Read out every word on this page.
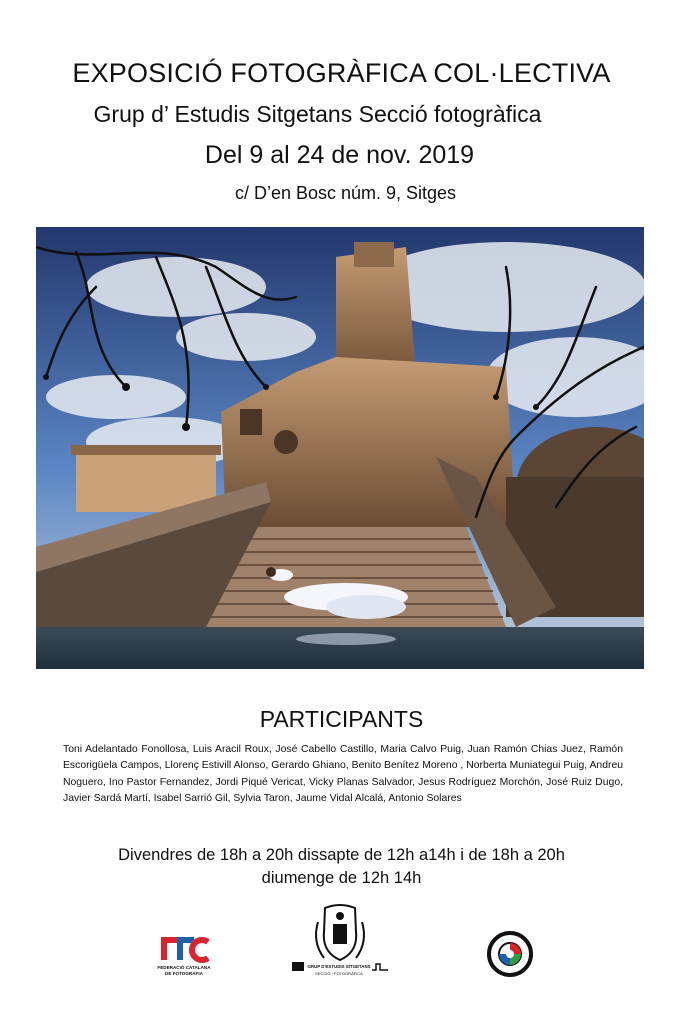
EXPOSICIÓ FOTOGRÀFICA COL·LECTIVA
Grup d’ Estudis Sitgetans Secció fotogràfica
Del 9 al 24 de nov. 2019

c/ D’en Bosc núm. 9, Sitges

PARTICIPANTS

Toni Adelantado Fonollosa, Luis Aracil Roux, José Cabello Castillo, Maria Calvo Puig, Juan Ramón Chias Juez, Ramón Escorigüela Campos, Llorenç Estivill Alonso, Gerardo Ghiano, Benito Benítez Moreno , Norberta Muniategui Puig, Andreu Noguero, Ino Pastor Fernandez, Jordi Piqué Vericat, Vicky Planas Salvador, Jesus Rodríguez Morchón, José Ruiz Dugo, Javier Sardá Martí, Isabel Sarrió Gil, Sylvia Taron, Jaume Vidal Alcalá, Antonio Solares

Divendres de 18h a 20h dissapte de 12h a14h i de 18h a 20h

diumenge de 12h 14h

FEDERACIÓ CATALANA
DE FOTOGRAFIA
GRUP D'ESTUDIS SITGETANS
SECCIÓ · FOTOGRÀFICA
